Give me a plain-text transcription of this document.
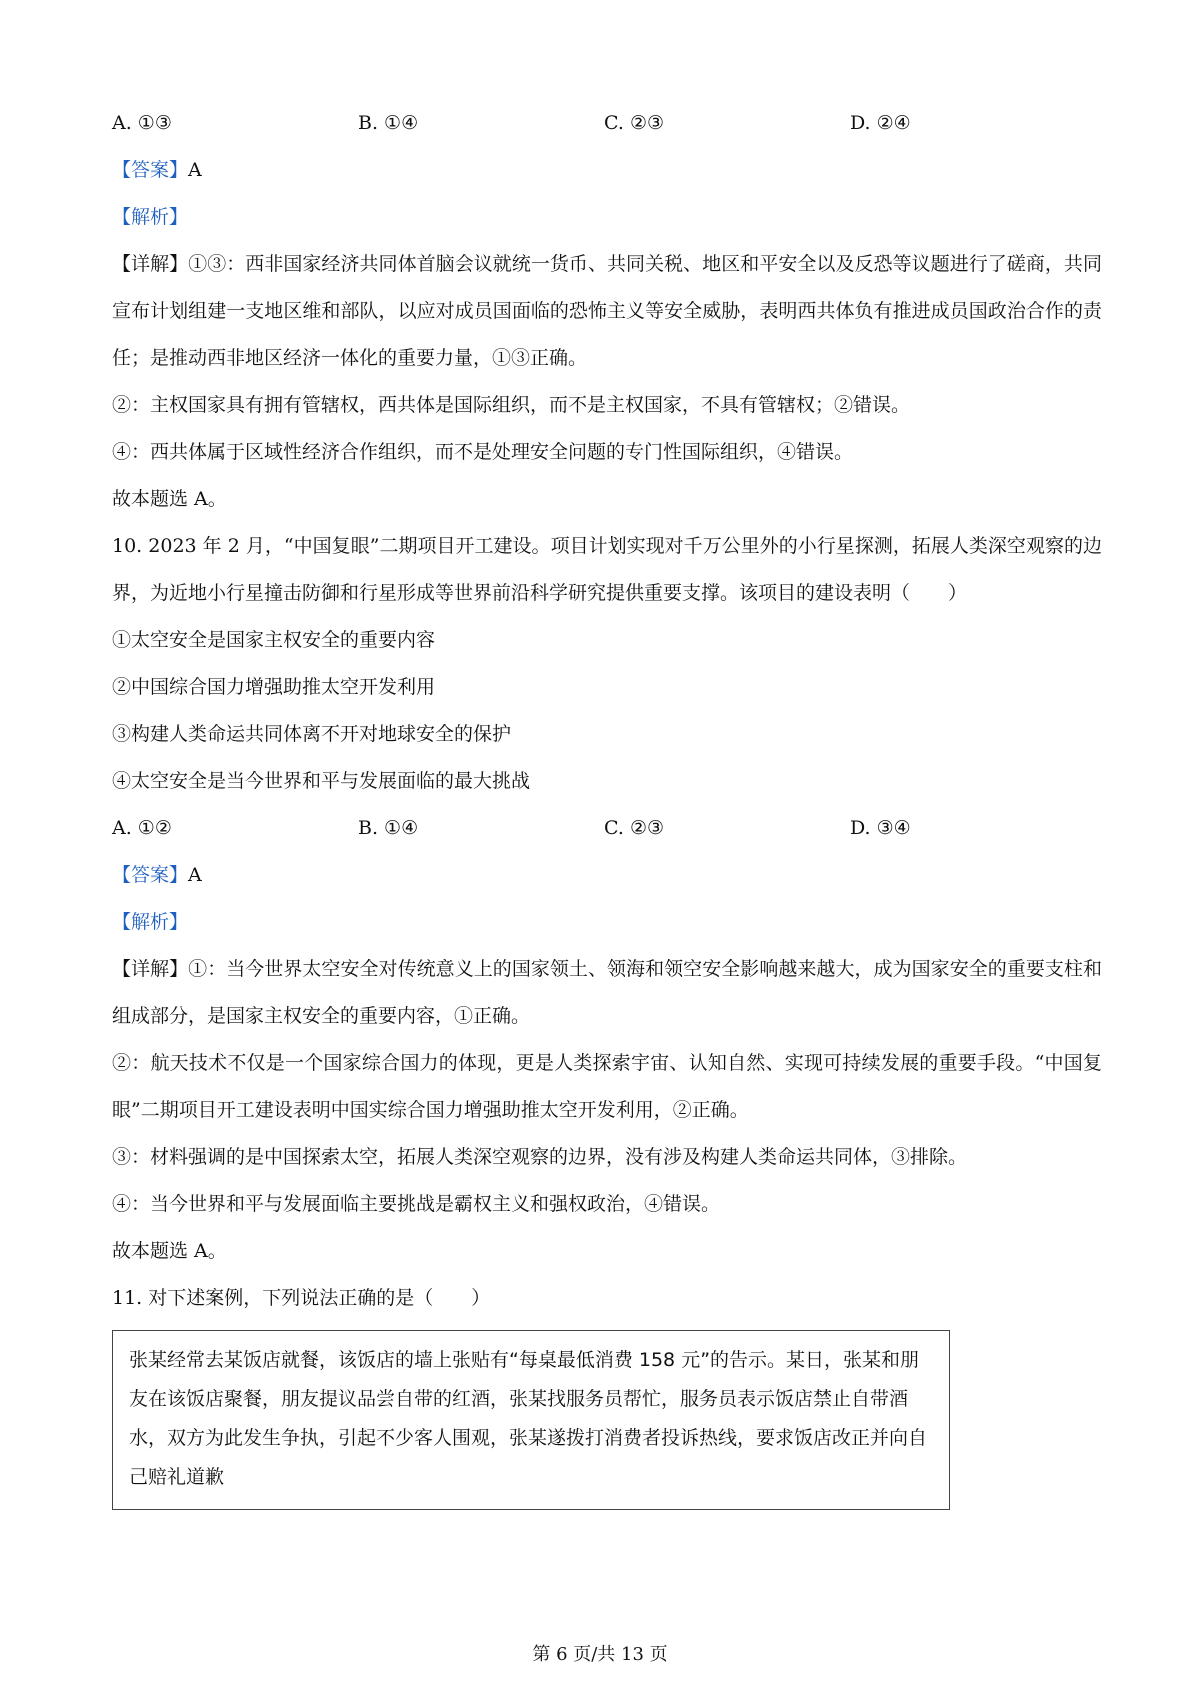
A. ①③	B. ①④	C. ②③	D. ②④
【答案】A
【解析】
【详解】①③：西非国家经济共同体首脑会议就统一货币、共同关税、地区和平安全以及反恐等议题进行了磋商，共同宣布计划组建一支地区维和部队，以应对成员国面临的恐怖主义等安全威胁，表明西共体负有推进成员国政治合作的责任；是推动西非地区经济一体化的重要力量，①③正确。
②：主权国家具有拥有管辖权，西共体是国际组织，而不是主权国家，不具有管辖权；②错误。
④：西共体属于区域性经济合作组织，而不是处理安全问题的专门性国际组织，④错误。
故本题选 A。
10. 2023 年 2 月，“中国复眼”二期项目开工建设。项目计划实现对千万公里外的小行星探测，拓展人类深空观察的边界，为近地小行星撞击防御和行星形成等世界前沿科学研究提供重要支撑。该项目的建设表明（　　）
①太空安全是国家主权安全的重要内容
②中国综合国力增强助推太空开发利用
③构建人类命运共同体离不开对地球安全的保护
④太空安全是当今世界和平与发展面临的最大挑战
A. ①②	B. ①④	C. ②③	D. ③④
【答案】A
【解析】
【详解】①：当今世界太空安全对传统意义上的国家领土、领海和领空安全影响越来越大，成为国家安全的重要支柱和组成部分，是国家主权安全的重要内容，①正确。
②：航天技术不仅是一个国家综合国力的体现，更是人类探索宇宙、认知自然、实现可持续发展的重要手段。“中国复眼”二期项目开工建设表明中国实综合国力增强助推太空开发利用，②正确。
③：材料强调的是中国探索太空，拓展人类深空观察的边界，没有涉及构建人类命运共同体，③排除。
④：当今世界和平与发展面临主要挑战是霸权主义和强权政治，④错误。
故本题选 A。
11. 对下述案例，下列说法正确的是（　　）
张某经常去某饭店就餐，该饭店的墙上张贴有“每桌最低消费 158 元”的告示。某日，张某和朋友在该饭店聚餐，朋友提议品尝自带的红酒，张某找服务员帮忙，服务员表示饭店禁止自带酒水，双方为此发生争执，引起不少客人围观，张某遂拨打消费者投诉热线，要求饭店改正并向自己赔礼道歉
第 6 页/共 13 页
